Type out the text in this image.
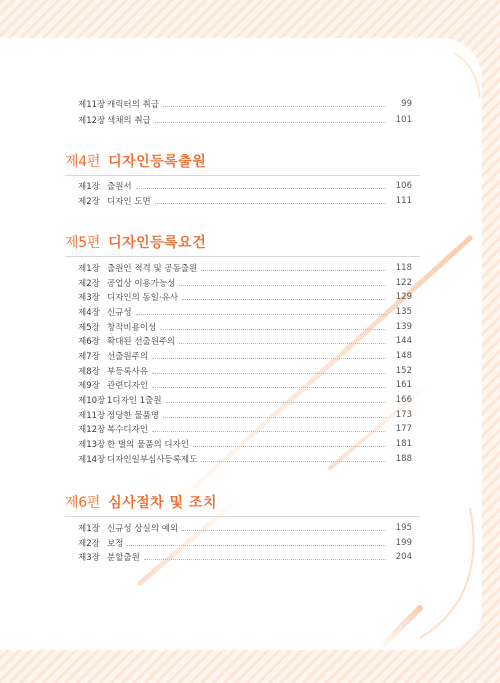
제11장 캐릭터의 취급	99
제12장 색채의 취급	101
제4편 디자인등록출원
제1장 출원서	106
제2장 디자인 도면	111
제5편 디자인등록요건
제1장 출원인 적격 및 공동출원	118
제2장 공업상 이용가능성	122
제3장 디자인의 동일·유사	129
제4장 신규성	135
제5장 창작비용이성	139
제6장 확대된 선출원주의	144
제7장 선출원주의	148
제8장 부등록사유	152
제9장 관련디자인	161
제10장 1디자인 1출원	166
제11장 정당한 물품명	173
제12장 복수디자인	177
제13장 한 벌의 물품의 디자인	181
제14장 디자인일부심사등록제도	188
제6편 심사절차 및 조치
제1장 신규성 상실의 예외	195
제2장 보정	199
제3장 분할출원	204
